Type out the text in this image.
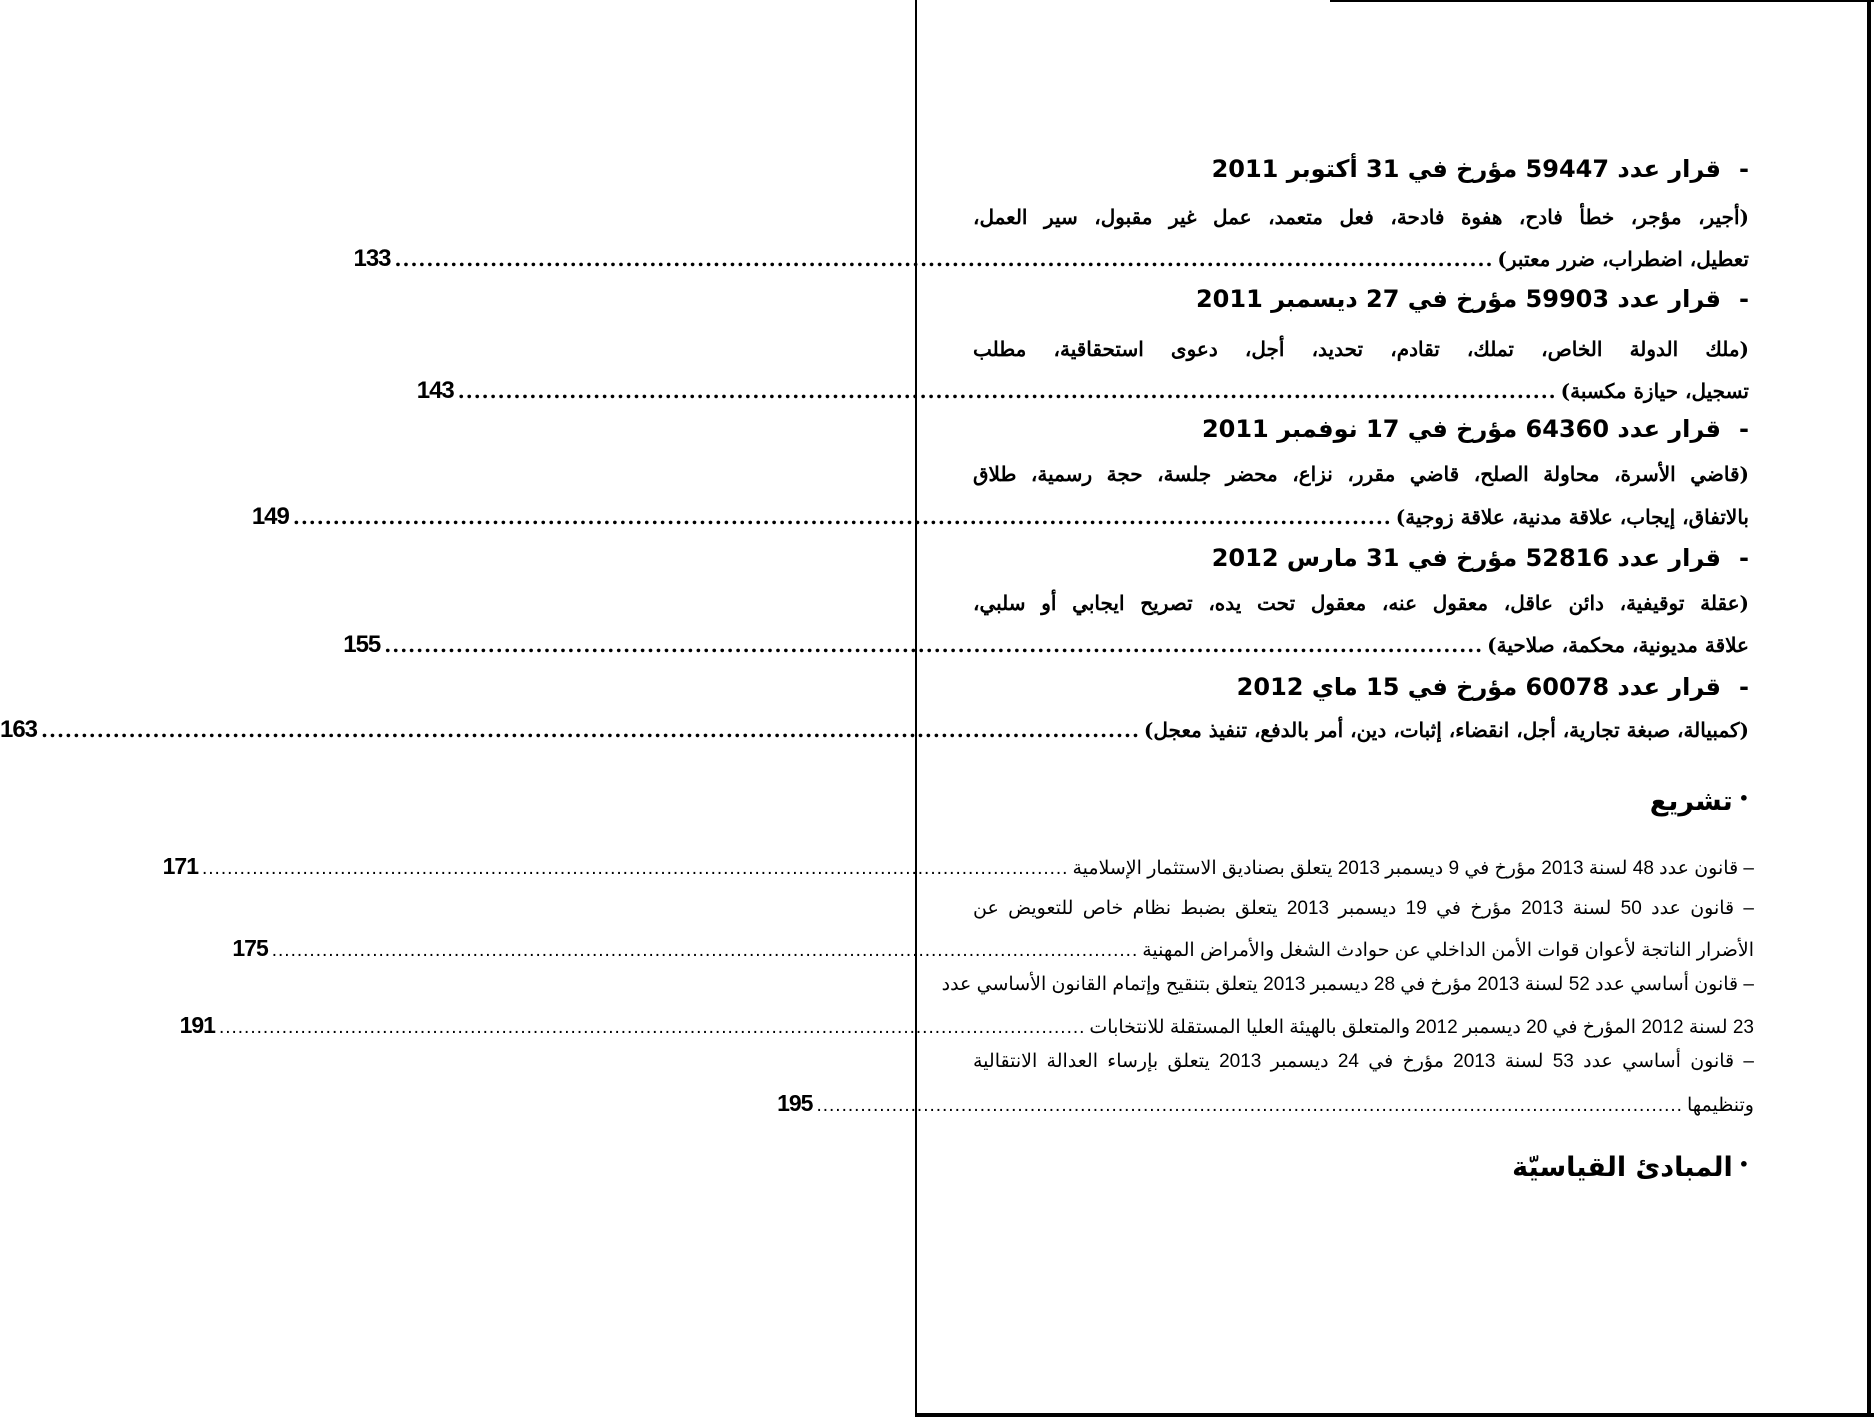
-قرار عدد 59447 مؤرخ في 31 أكتوبر 2011
(أجير، مؤجر، خطأ فادح، هفوة فادحة، فعل متعمد، عمل غير مقبول، سير العمل،
تعطيل، اضطراب، ضرر معتبر)
..........................................................................................................................................
133
-قرار عدد 59903 مؤرخ في 27 ديسمبر 2011
(ملك الدولة الخاص، تملك، تقادم، تحديد، أجل، دعوى استحقاقية، مطلب
تسجيل، حيازة مكسبة)
..........................................................................................................................................
143
-قرار عدد 64360 مؤرخ في 17 نوفمبر 2011
(قاضي الأسرة، محاولة الصلح، قاضي مقرر، نزاع، محضر جلسة، حجة رسمية، طلاق
بالاتفاق، إيجاب، علاقة مدنية، علاقة زوجية)
..........................................................................................................................................
149
-قرار عدد 52816 مؤرخ في 31 مارس 2012
(عقلة توقيفية، دائن عاقل، معقول عنه، معقول تحت يده، تصريح ايجابي أو سلبي،
علاقة مديونية، محكمة، صلاحية)
..........................................................................................................................................
155
-قرار عدد 60078 مؤرخ في 15 ماي 2012
(كمبيالة، صبغة تجارية، أجل، انقضاء، إثبات، دين، أمر بالدفع، تنفيذ معجل)
..........................................................................................................................................
163
•تشريع
– قانون عدد 48 لسنة 2013 مؤرخ في 9 ديسمبر 2013 يتعلق بصناديق الاستثمار الإسلامية
..........................................................................................................................................
171
– قانون عدد 50 لسنة 2013 مؤرخ في 19 ديسمبر 2013 يتعلق بضبط نظام خاص للتعويض عن
الأضرار الناتجة لأعوان قوات الأمن الداخلي عن حوادث الشغل والأمراض المهنية
..........................................................................................................................................
175
– قانون أساسي عدد 52 لسنة 2013 مؤرخ في 28 ديسمبر 2013 يتعلق بتنقيح وإتمام القانون الأساسي عدد
23 لسنة 2012 المؤرخ في 20 ديسمبر 2012 والمتعلق بالهيئة العليا المستقلة للانتخابات
..........................................................................................................................................
191
– قانون أساسي عدد 53 لسنة 2013 مؤرخ في 24 ديسمبر 2013 يتعلق بإرساء العدالة الانتقالية
وتنظيمها
..........................................................................................................................................
195
•المبادئ القياسيّة
